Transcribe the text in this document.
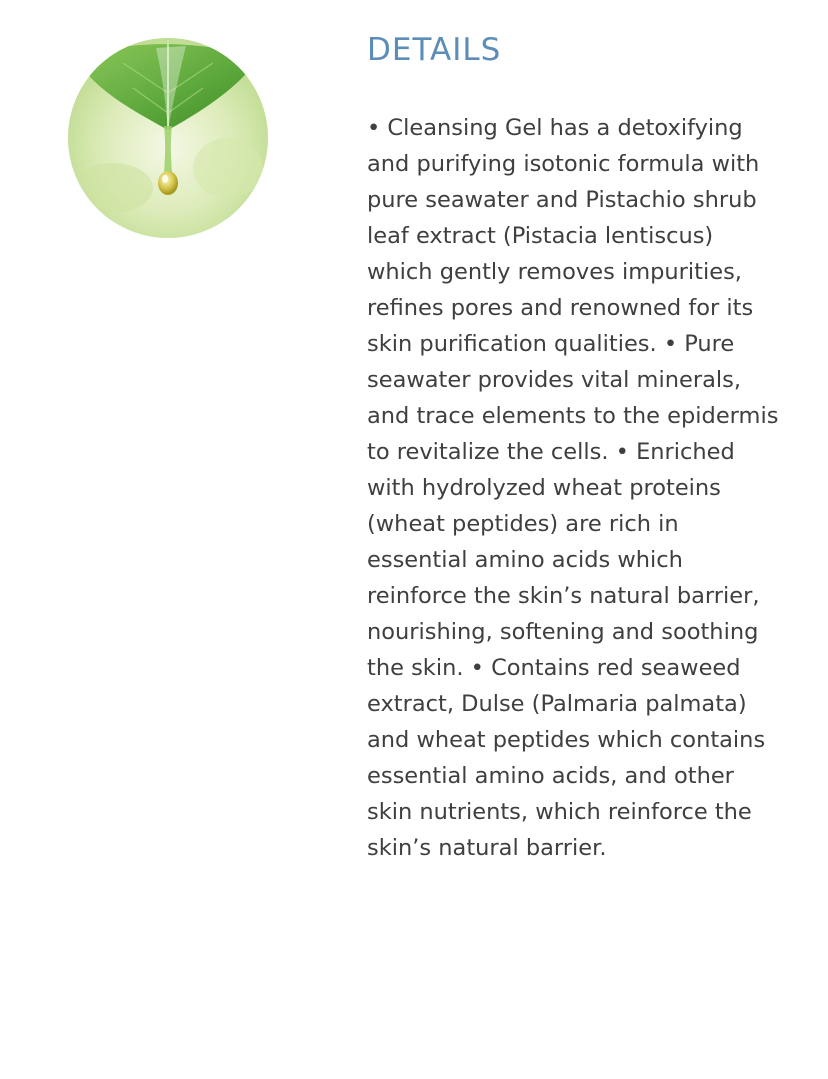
DETAILS

• Cleansing Gel has a detoxifying and purifying isotonic formula with pure seawater and Pistachio shrub leaf extract (Pistacia lentiscus) which gently removes impurities, refines pores and renowned for its skin purification qualities. • Pure seawater provides vital minerals, and trace elements to the epidermis to revitalize the cells. • Enriched with hydrolyzed wheat proteins (wheat peptides) are rich in essential amino acids which reinforce the skin’s natural barrier, nourishing, softening and soothing the skin. • Contains red seaweed extract, Dulse (Palmaria palmata) and wheat peptides which contains essential amino acids, and other skin nutrients, which reinforce the skin’s natural barrier.
